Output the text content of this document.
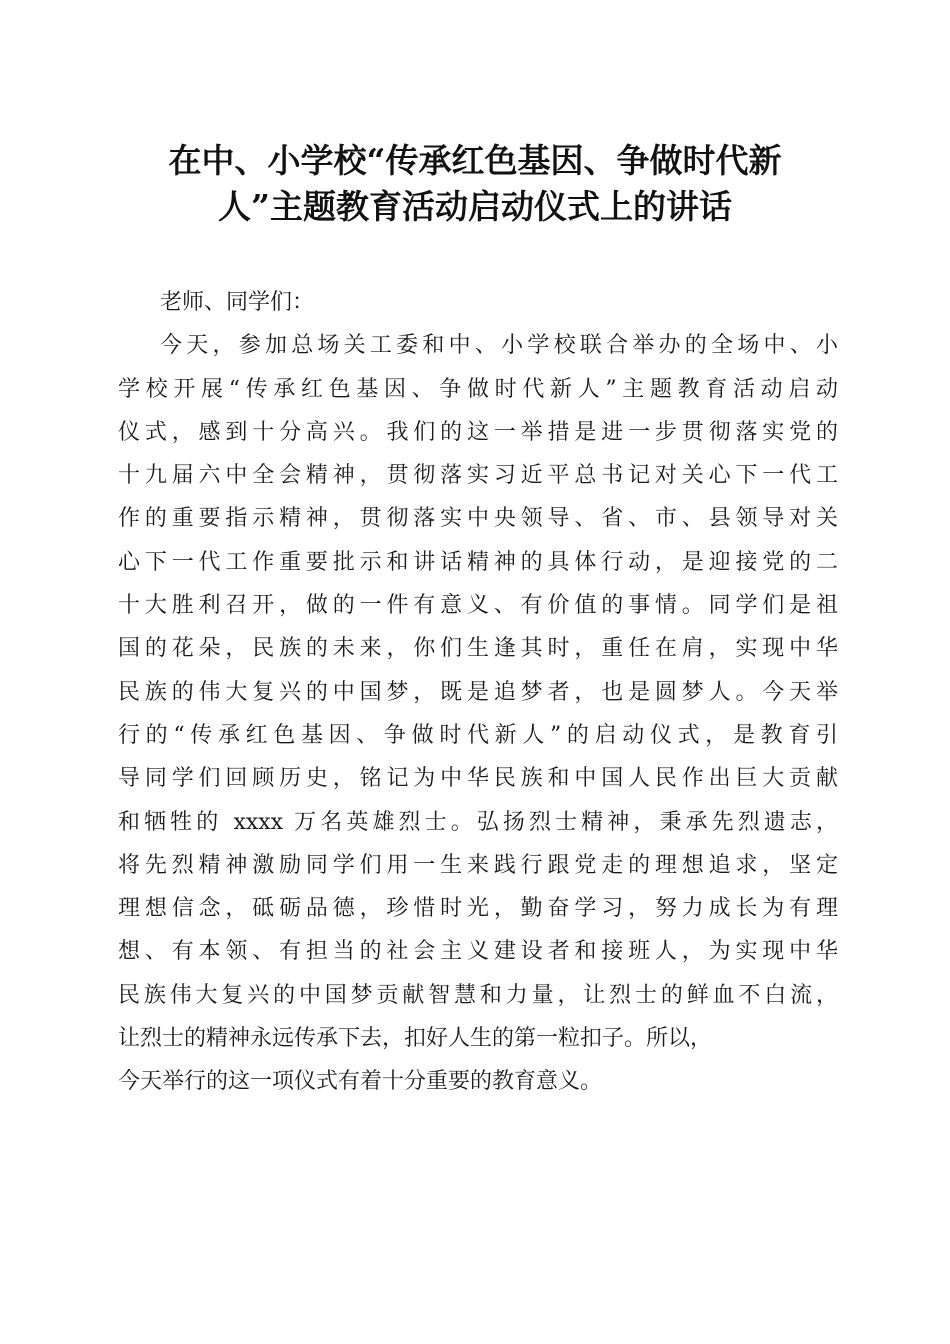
在中、小学校“传承红色基因、争做时代新
人”主题教育活动启动仪式上的讲话
老师、同学们：
今天，参加总场关工委和中、小学校联合举办的全场中、小
学校开展“传承红色基因、争做时代新人”主题教育活动启动
仪式，感到十分高兴。我们的这一举措是进一步贯彻落实党的
十九届六中全会精神，贯彻落实习近平总书记对关心下一代工
作的重要指示精神，贯彻落实中央领导、省、市、县领导对关
心下一代工作重要批示和讲话精神的具体行动，是迎接党的二
十大胜利召开，做的一件有意义、有价值的事情。同学们是祖
国的花朵，民族的未来，你们生逢其时，重任在肩，实现中华
民族的伟大复兴的中国梦，既是追梦者，也是圆梦人。今天举
行的“传承红色基因、争做时代新人”的启动仪式，是教育引
导同学们回顾历史，铭记为中华民族和中国人民作出巨大贡献
和牺牲的 xxxx 万名英雄烈士。弘扬烈士精神，秉承先烈遗志，
将先烈精神激励同学们用一生来践行跟党走的理想追求，坚定
理想信念，砥砺品德，珍惜时光，勤奋学习，努力成长为有理
想、有本领、有担当的社会主义建设者和接班人，为实现中华
民族伟大复兴的中国梦贡献智慧和力量，让烈士的鲜血不白流，
让烈士的精神永远传承下去，扣好人生的第一粒扣子。所以，
今天举行的这一项仪式有着十分重要的教育意义。
